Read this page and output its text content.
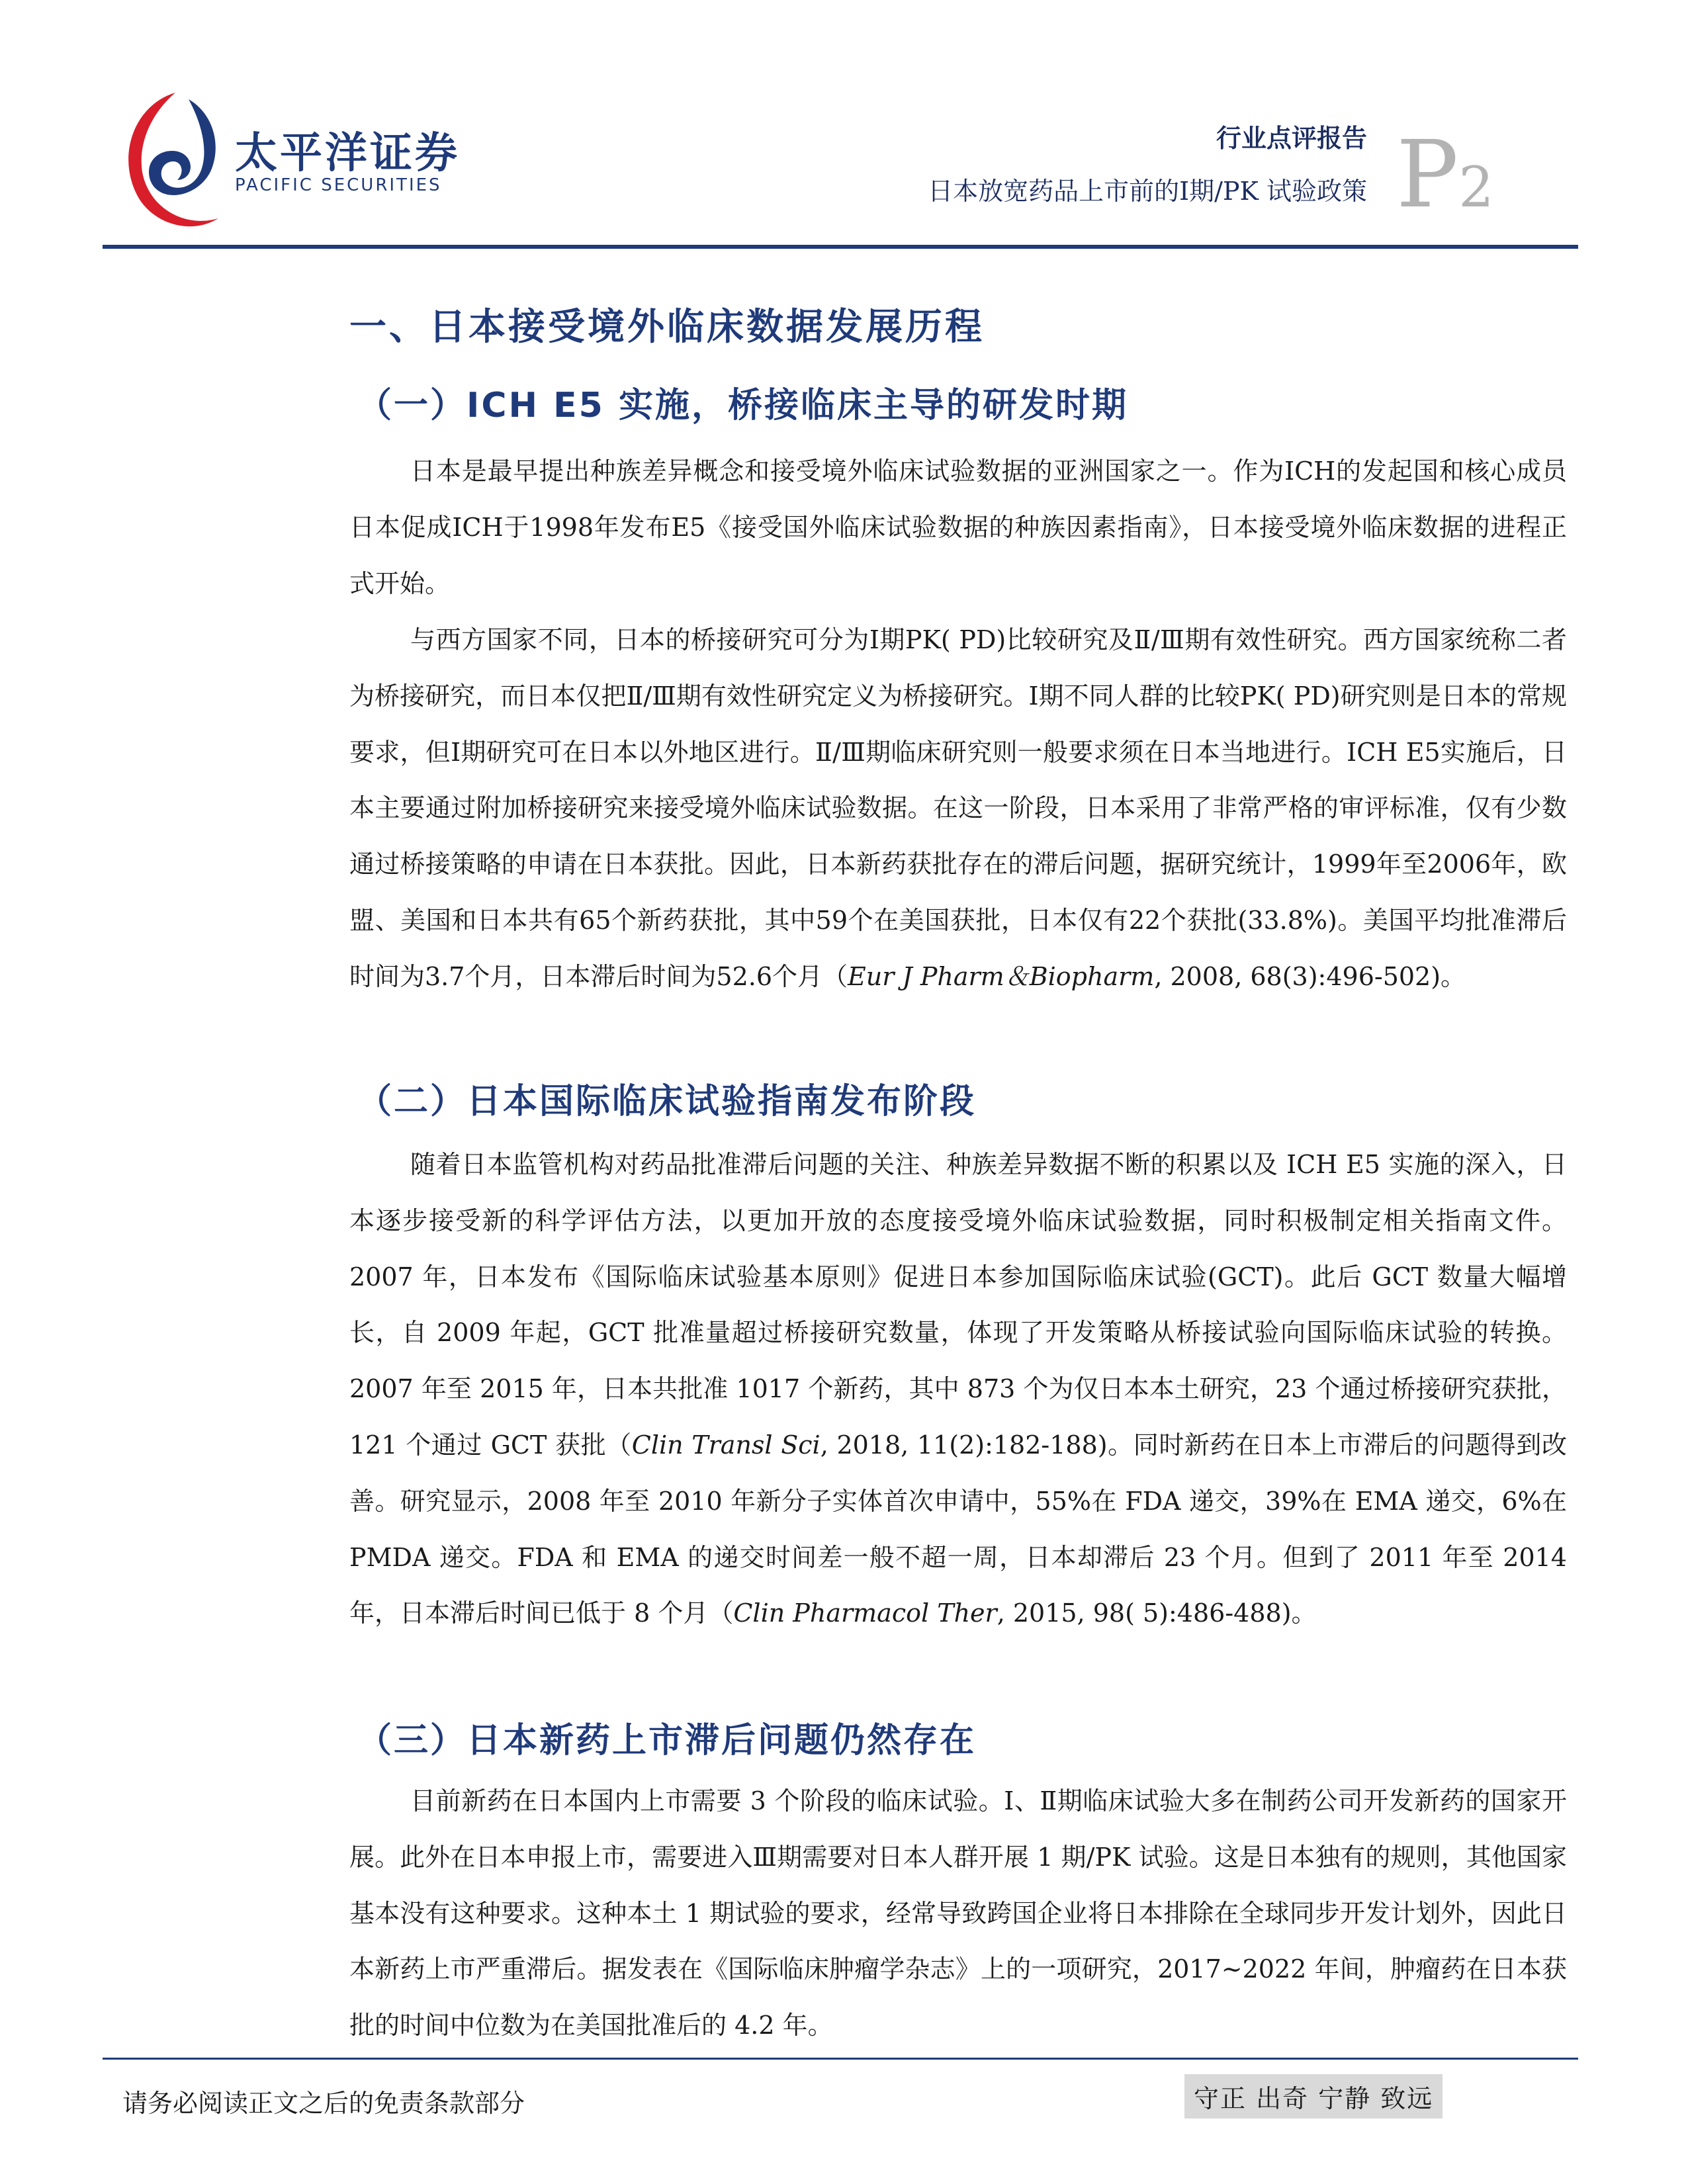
太平洋证券
PACIFIC SECURITIES
行业点评报告
日本放宽药品上市前的Ⅰ期/PK 试验政策 P2
一、日本接受境外临床数据发展历程
（一）ICH E5 实施，桥接临床主导的研发时期

日本是最早提出种族差异概念和接受境外临床试验数据的亚洲国家之一。作为ICH的发起国和核心成员日本促成ICH于1998年发布E5《接受国外临床试验数据的种族因素指南》，日本接受境外临床数据的进程正式开始。

与西方国家不同，日本的桥接研究可分为Ⅰ期PK( PD)比较研究及Ⅱ/Ⅲ期有效性研究。西方国家统称二者为桥接研究，而日本仅把Ⅱ/Ⅲ期有效性研究定义为桥接研究。Ⅰ期不同人群的比较PK( PD)研究则是日本的常规要求，但Ⅰ期研究可在日本以外地区进行。Ⅱ/Ⅲ期临床研究则一般要求须在日本当地进行。ICH E5实施后，日本主要通过附加桥接研究来接受境外临床试验数据。在这一阶段，日本采用了非常严格的审评标准，仅有少数通过桥接策略的申请在日本获批。因此，日本新药获批存在的滞后问题，据研究统计，1999年至2006年，欧盟、美国和日本共有65个新药获批，其中59个在美国获批，日本仅有22个获批(33.8%)。美国平均批准滞后时间为3.7个月，日本滞后时间为52.6个月（Eur J Pharm＆Biopharm, 2008, 68(3):496-502)。

（二）日本国际临床试验指南发布阶段

随着日本监管机构对药品批准滞后问题的关注、种族差异数据不断的积累以及 ICH E5 实施的深入，日本逐步接受新的科学评估方法，以更加开放的态度接受境外临床试验数据，同时积极制定相关指南文件。2007 年，日本发布《国际临床试验基本原则》促进日本参加国际临床试验(GCT)。此后 GCT 数量大幅增长，自 2009 年起，GCT 批准量超过桥接研究数量，体现了开发策略从桥接试验向国际临床试验的转换。2007 年至 2015 年，日本共批准 1017 个新药，其中 873 个为仅日本本土研究，23 个通过桥接研究获批，121 个通过 GCT 获批（Clin Transl Sci, 2018, 11(2):182-188)。同时新药在日本上市滞后的问题得到改善。研究显示，2008 年至 2010 年新分子实体首次申请中，55%在 FDA 递交，39%在 EMA 递交，6%在 PMDA 递交。FDA 和 EMA 的递交时间差一般不超一周，日本却滞后 23 个月。但到了 2011 年至 2014 年，日本滞后时间已低于 8 个月（Clin Pharmacol Ther, 2015, 98( 5):486-488)。

（三）日本新药上市滞后问题仍然存在

目前新药在日本国内上市需要 3 个阶段的临床试验。Ⅰ、Ⅱ期临床试验大多在制药公司开发新药的国家开展。此外在日本申报上市，需要进入Ⅲ期需要对日本人群开展 1 期/PK 试验。这是日本独有的规则，其他国家基本没有这种要求。这种本土 1 期试验的要求，经常导致跨国企业将日本排除在全球同步开发计划外，因此日本新药上市严重滞后。据发表在《国际临床肿瘤学杂志》上的一项研究，2017~2022 年间，肿瘤药在日本获批的时间中位数为在美国批准后的 4.2 年。

请务必阅读正文之后的免责条款部分	守正 出奇 宁静 致远
